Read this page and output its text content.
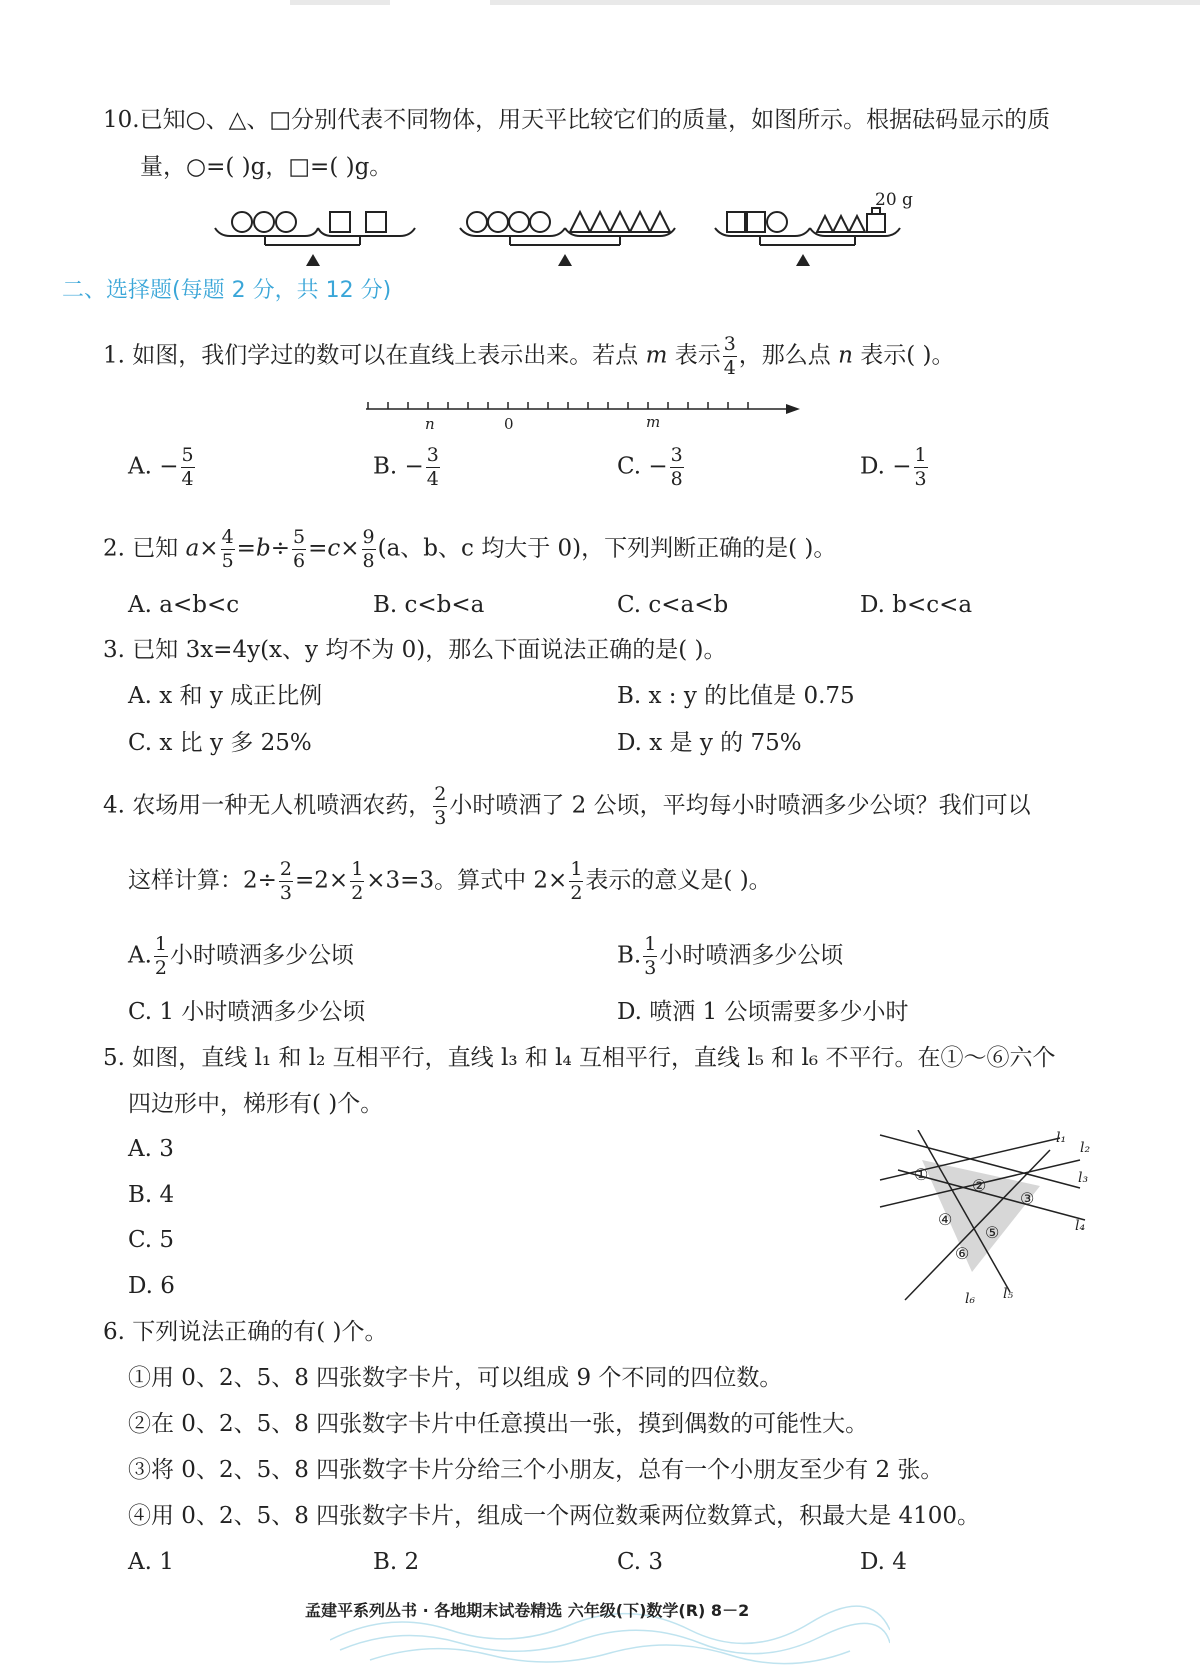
10.已知○、△、□分别代表不同物体，用天平比较它们的质量，如图所示。根据砝码显示的质
量，○=( )g，□=( )g。
20 g
二、选择题(每题 2 分，共 12 分)
1. 如图，我们学过的数可以在直线上表示出来。若点 m 表示 $\frac{3}{4}$ ，那么点 n 表示( )。
n	0	m
A. − $\frac{5}{4}$	B. − $\frac{3}{4}$	C. − $\frac{3}{8}$	D. − $\frac{1}{3}$
2. 已知 $a\times \frac{4}{5} =b\div \frac{5}{6} =c\times \frac{9}{8} (a$、b、c 均大于 0)，下列判断正确的是( )。
A. a<b<c	B. c<b<a	C. c<a<b	D. b<c<a
3. 已知 3x=4y(x、y 均不为 0)，那么下面说法正确的是( )。
A. x 和 y 成正比例	B. x : y 的比值是 0.75
C. x 比 y 多 25%	D. x 是 y 的 75%
4. 农场用一种无人机喷洒农药， $\frac{2}{3}$ 小时喷洒了 2 公顷，平均每小时喷洒多少公顷？我们可以
这样计算：$2\div \frac{2}{3} =2\times \frac{1}{2} \times 3=3$。算式中 $2\times \frac{1}{2}$ 表示的意义是( )。
A. $\frac{1}{2}$ 小时喷洒多少公顷	B. $\frac{1}{3}$ 小时喷洒多少公顷
C. 1 小时喷洒多少公顷	D. 喷洒 1 公顷需要多少小时
5. 如图，直线 l₁ 和 l₂ 互相平行，直线 l₃ 和 l₄ 互相平行，直线 l₅ 和 l₆ 不平行。在①～⑥六个
四边形中，梯形有( )个。
A. 3
B. 4
C. 5
D. 6
①
②
③
④
⑤
⑥
l₁
l₂
l₃
l₄
l₅
l₆
6. 下列说法正确的有( )个。
①用 0、2、5、8 四张数字卡片，可以组成 9 个不同的四位数。
②在 0、2、5、8 四张数字卡片中任意摸出一张，摸到偶数的可能性大。
③将 0、2、5、8 四张数字卡片分给三个小朋友，总有一个小朋友至少有 2 张。
④用 0、2、5、8 四张数字卡片，组成一个两位数乘两位数算式，积最大是 4100。
A. 1	B. 2	C. 3	D. 4
孟建平系列丛书 · 各地期末试卷精选 六年级(下)数学(R) 8－2
